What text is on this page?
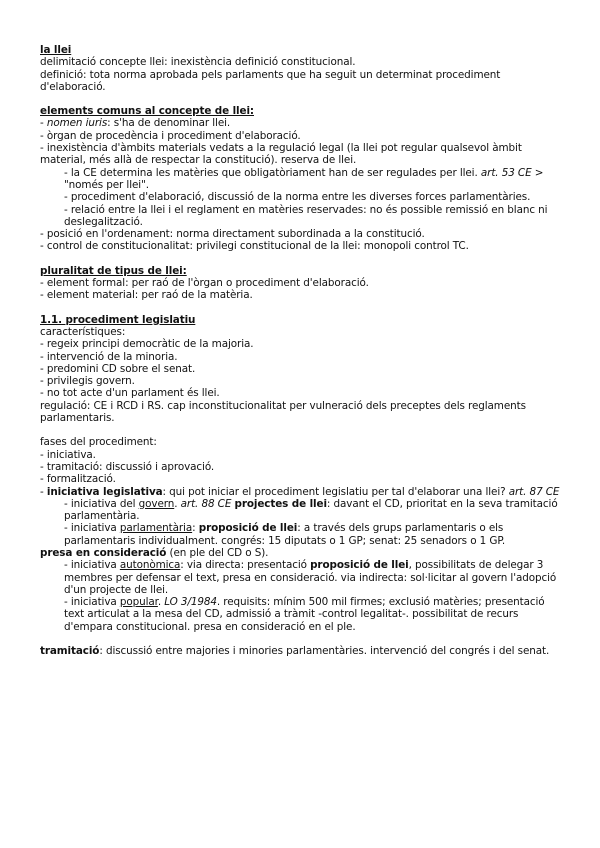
la llei
delimitació concepte llei: inexistència definició constitucional.
definició: tota norma aprobada pels parlaments que ha seguit un determinat procediment d'elaboració.
elements comuns al concepte de llei:
- nomen iuris: s'ha de denominar llei.
- òrgan de procedència i procediment d'elaboració.
- inexistència d'àmbits materials vedats a la regulació legal (la llei pot regular qualsevol àmbit material, més allà de respectar la constitució). reserva de llei.
- la CE determina les matèries que obligatòriament han de ser regulades per llei. art. 53 CE > "només per llei".
- procediment d'elaboració, discussió de la norma entre les diverses forces parlamentàries.
- relació entre la llei i el reglament en matèries reservades: no és possible remissió en blanc ni deslegalització.
- posició en l'ordenament: norma directament subordinada a la constitució.
- control de constitucionalitat: privilegi constitucional de la llei: monopoli control TC.
pluralitat de tipus de llei:
- element formal: per raó de l'òrgan o procediment d'elaboració.
- element material: per raó de la matèria.
1.1. procediment legislatiu
característiques:
- regeix principi democràtic de la majoria.
- intervenció de la minoria.
- predomini CD sobre el senat.
- privilegis govern.
- no tot acte d'un parlament és llei.
regulació: CE i RCD i RS. cap inconstitucionalitat per vulneració dels preceptes dels reglaments parlamentaris.
fases del procediment:
- iniciativa.
- tramitació: discussió i aprovació.
- formalització.
- iniciativa legislativa: qui pot iniciar el procediment legislatiu per tal d'elaborar una llei? art. 87 CE
- iniciativa del govern. art. 88 CE projectes de llei: davant el CD, prioritat en la seva tramitació parlamentària.
- iniciativa parlamentària: proposició de llei: a través dels grups parlamentaris o els parlamentaris individualment. congrés: 15 diputats o 1 GP; senat: 25 senadors o 1 GP.
presa en consideració (en ple del CD o S).
- iniciativa autonòmica: via directa: presentació proposició de llei, possibilitats de delegar 3 membres per defensar el text, presa en consideració. via indirecta: sol·licitar al govern l'adopció d'un projecte de llei.
- iniciativa popular. LO 3/1984. requisits: mínim 500 mil firmes; exclusió matèries; presentació text articulat a la mesa del CD, admissió a tràmit -control legalitat-. possibilitat de recurs d'empara constitucional. presa en consideració en el ple.
tramitació: discussió entre majories i minories parlamentàries. intervenció del congrés i del senat.
